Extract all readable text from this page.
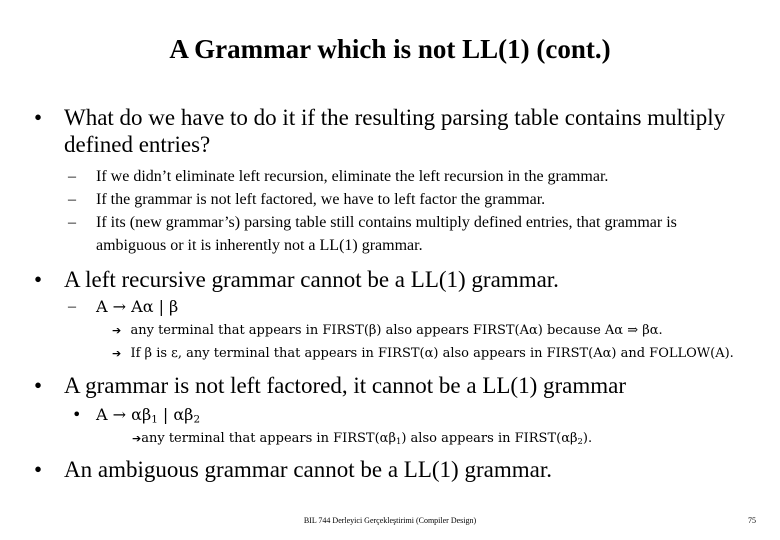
A Grammar which is not LL(1) (cont.)
• What do we have to do it if the resulting parsing table contains multiply
defined entries?
– If we didn’t eliminate left recursion, eliminate the left recursion in the grammar.
– If the grammar is not left factored, we have to left factor the grammar.
– If its (new grammar’s) parsing table still contains multiply defined entries, that grammar is
ambiguous or it is inherently not a LL(1) grammar.
• A left recursive grammar cannot be a LL(1) grammar.
– A → Aα | β
➔ any terminal that appears in FIRST(β) also appears FIRST(Aα) because Aα ⇒ βα.
➔ If β is ε, any terminal that appears in FIRST(α) also appears in FIRST(Aα) and FOLLOW(A).
• A grammar is not left factored, it cannot be a LL(1) grammar
• $A \to \alpha\beta_1$ | $\alpha\beta_2$
➔any terminal that appears in $FIRST(\alpha\beta_1)$ also appears in $FIRST(\alpha\beta_2)$.
• An ambiguous grammar cannot be a LL(1) grammar.
BIL 744 Derleyici Gerçekleştirimi (Compiler Design)	75
